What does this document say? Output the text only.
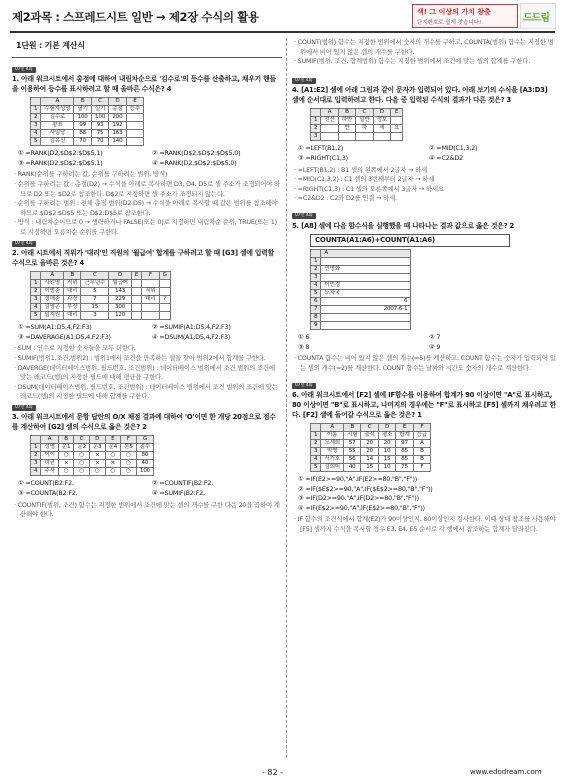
제2과목 : 스프레드시트 일반 → 제2장 수식의 활용	색! 그 이상의 가치 창출
단지번호로 쉽게 찾습니다!	드드림
1단원 : 기본 계산식
07년 4회
1. 아래 워크시트에서 총점에 대하여 내림차순으로 '김수로'의 등수를 산출하고, 채우기 핸들을 이용하여 등수를 표시하려고 할 때 올바른 수식은? 4
	A	B	C	D	E
1	수험자성명	필기	실기	총점	등수
2	김수로	100	100	200	
3	왕표	99	93	192	
4	사임당	88	75	163	
5	김유신	70	70	140	
① =RANK(D2,$D$2:$D$5,1)	② =RANK(D$2,$D$2:$D$5,0)
③ =RANK(D2,$D$2:$D$5,1)	④ =RANK(D2,$D$2:$D$5,0)
· RANK(순위를 구하려는 값, 순위를 구하려는 범위, 방식)
· 순위를 구하려는 값 : 총점(D2) → 수식을 아래로 복사하면 D3, D4, D5로 셀 주소가 조정되어야 하므로 D2 또는 $D2로 참조한다. D$2로 지정하면 셀 주소가 조정되지 않는다.
· 순위를 구하려는 범위 : 전체 총점 범위(D2:D5) → 수식을 아래로 복사할 때 같은 범위를 참조해야 하므로 $D$2:$D$5 또는 D$2:D$5로 참조한다.
· 방식 : 내림차순이므로 0 → 생략하거나 FALSE(또는 0)로 지정하면 내림차순 순위, TRUE(또는 1)로 지정하면 오름차순 순위를 구한다.
07년 4회
2. 아래 시트에서 직위가 '대리'인 직원의 '월급여' 합계를 구하려고 할 때 [G3] 셀에 입력할 수식으로 올바른 것은? 4
	A	B	C	D	E	F	G
1	사원명	직위	근무년수	월급여			
2	이범준	대리	5	143		직위	
3	정해준	과장	7	229		대리	?
4	김영곤	부장	15	300			
5	임지원	대리	3	120			
① =SUM(A1:D5,4,F2:F3)	② =SUMIF(A1:D5,4,F2:F3)
③ =DAVERAGE(A1:D5,4,F2:F3)	④ =DSUM(A1:D5,4,F2:F3)
· SUM : 인수로 지정한 숫자들을 모두 더한다.
· SUMIF(범위1,조건,범위2) : 범위1에서 조건을 만족하는 셀을 찾아 범위2에서 합계를 구한다.
· DAVERGE(데이터베이스범위, 필드번호, 조건범위) : 데이터베이스 범위에서 조건 범위의 조건에 맞는 레코드(행)의 지정한 필드에 대해 평균을 구한다.
· DSUM(데이터베이스범위, 필드번호, 조건범위) : 데이터베이스 범위에서 조건 범위의 조건에 맞는 레코드(행)의 지정한 필드에 대해 합계를 구한다.
07년 4회
3. 아래 워크시트에서 문항 답란의 O/X 체점 결과에 대하여 'O'이면 한 개당 20점으로 점수를 계산하여 [G2] 셀의 수식으로 옳은 것은? 2
	A	B	C	D	E	F	G
1	성명	문1	문2	문3	문4	문5	점수
2	이이	○	○	×	○	○	80
3	허균	×	○	×	×	○	40
4	주사	○	○	○	○	○	100
① =COUNT(B2:F2,	② =COUNTIF(B2:F2,
③ =COUNTA(B2:F2,	④ =SUMIF(B2:F2,
· COUNTIF(범위, 조건) 함수는 지정한 범위에서 조건에 맞는 셀의 개수를 구한 다음 20을 곱하여 계산해야 한다.
· COUNT(범위) 함수는 지정한 범위에서 숫자의 개수를 구하고, COUNTA(범위) 함수는 지정한 범위에서 비어 있지 않은 셀의 개수를 구한다.
· SUMIF(범위, 조건, 합계범위) 함수는 지정한 범위에서 조건에 맞는 셀의 합계를 구한다.
07년 4회
4. [A1:E2] 셀에 아래 그림과 같이 문자가 입력되어 있다. 아래 보기의 수식을 [A3:D3] 셀에 순서대로 입력하려고 한다. 다음 중 입력된 수식의 결과가 다른 것은? 3
	A	B	C	D	E
1	전산	하반	일반	정보	
2		반	하	세	요
3					
① =LEFT(B1,2)	② =MID(C1,3,2)
③ =RIGHT(C1,3)	④ =C2&D2
· =LEFT(B1,2) : B1 셀의 왼쪽에서 2글자 → 하세
· =MID(C1,3,2) : C1 셀의 3번째부터 2글자 → 하세
· =RIGHT(C1,3) : C1 셀의 오른쪽에서 3글자 → 하세요
· =C2&D2 : C2와 D2를 연결 → 하세.
07년 4회
5. [A8] 셀에 다음 함수식을 실행했을 때 나타나는 결과 값으로 옳은 것은? 2
COUNTA(A1:A6)+COUNT(A1:A6)
	A
1	
2	민병화
3	
4	이민경
5	노차국
6	6
7	2007-6-1
8	
9	
① 6	② 7
③ 8	④ 9
· COUNTA 함수는 비어 있지 않은 셀의 개수(=5)를 계산하고, COUNT 함수는 숫자가 입력되어 있는 셀의 개수(=2)를 계산한다. COUNT 함수는 날짜와 시간도 숫자의 개수로 계산한다.
07년 4회
6. 아래 워크시트에서 [F2] 셀에 IF함수를 이용하여 합계가 90 이상이면 "A"로 표시하고, 80 이상이면 "B"로 표시하고, 나머지의 경우에는 "F"로 표시하고 [F5] 셀까지 채우려고 한다. [F2] 셀에 들어갈 수식으로 옳은 것은? 1
	A	B	C	D	E	F
1	이름	시험	출석	평소	합계	등급
2	오세희	57	20	20	97	A
3	박병	55	20	10	85	B
4	서기호	56	14	15	85	B
5	김희미	40	15	10	75	F
① =IF(E2>=90,"A",IF(E2>=80,"B","F"))
② =IF($E$2>=90,"A",IF($E$2>=80,"B","F"))
③ =IF(D2>=90,"A",IF(D2>=80,"B","F"))
④ =IF(E$2>=90,"A",IF(E$2>=80,"B","F"))
· IF 함수의 조건식에서 합계(E2)가 90이상인지, 80이상인지 검사한다. 이때 상대 참조를 사용해야 [F5] 셀까지 수식을 복사할 경우 E3, E4, E5 순서로 각 행에서 참조하는 합계가 달라진다.
- 82 -	www.edodream.com
